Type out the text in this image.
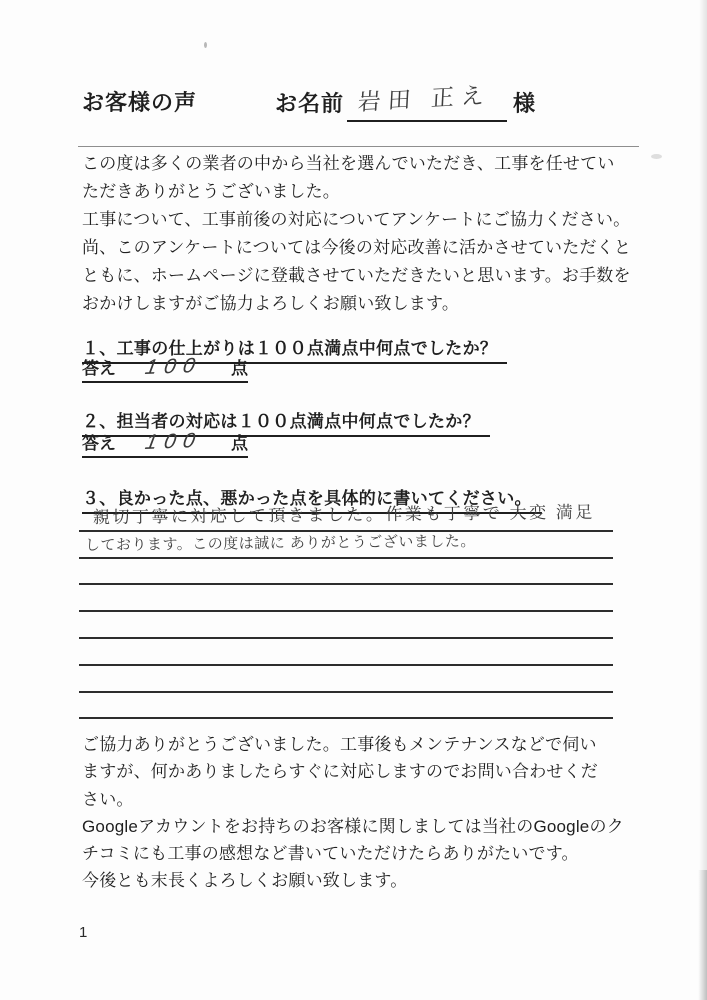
お客様の声	お名前 岩田 正え 様
この度は多くの業者の中から当社を選んでいただき、工事を任せてい
ただきありがとうございました。
工事について、工事前後の対応についてアンケートにご協力ください。
尚、このアンケートについては今後の対応改善に活かさせていただくと
ともに、ホームページに登載させていただきたいと思います。お手数を
おかけしますがご協力よろしくお願い致します。
１、工事の仕上がりは１００点満点中何点でしたか？
答え	100	点
２、担当者の対応は１００点満点中何点でしたか？
答え	100	点
３、良かった点、悪かった点を具体的に書いてください。
親切丁寧に対応して頂きました。作業も丁寧で 大変 満足
しております。この度は誠に ありがとうございました。
ご協力ありがとうございました。工事後もメンテナンスなどで伺い
ますが、何かありましたらすぐに対応しますのでお問い合わせくだ
さい。
Googleアカウントをお持ちのお客様に関しましては当社のGoogleのク
チコミにも工事の感想など書いていただけたらありがたいです。
今後とも末長くよろしくお願い致します。
1
